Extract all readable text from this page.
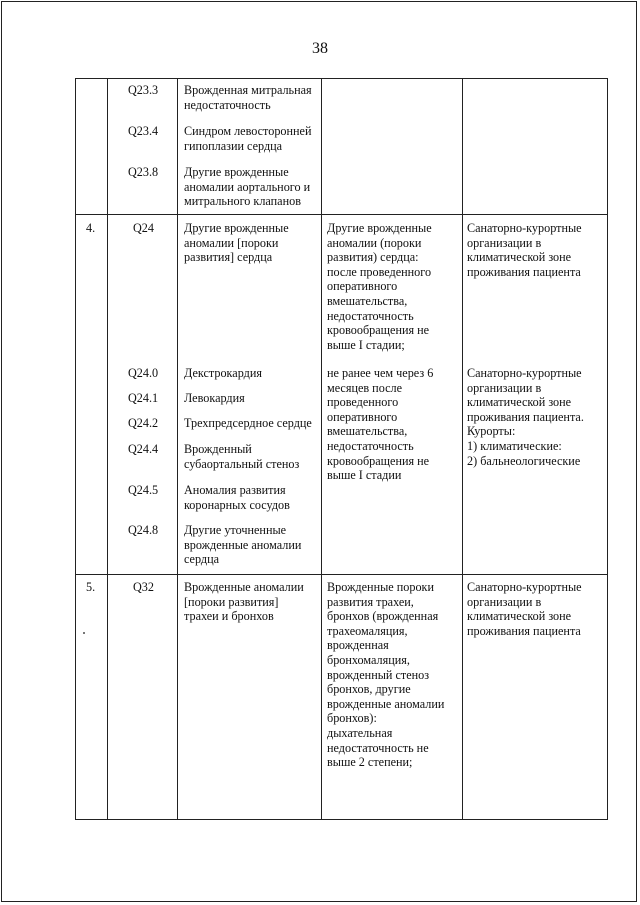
38
Q23.3 Врожденная митральная
недостаточность
Q23.4 Синдром левосторонней
гипоплазии сердца
Q23.8 Другие врожденные
аномалии аортального и
митрального клапанов
4.	Q24 Другие врожденные
аномалии [пороки
развития] сердца
Q24.0 Декстрокардия
Q24.1 Левокардия
Q24.2 Трехпредсердное сердце
Q24.4 Врожденный
субаортальный стеноз
Q24.5 Аномалия развития
коронарных сосудов
Q24.8 Другие уточненные
врожденные аномалии
сердца
Другие врожденные
аномалии (пороки
развития) сердца:
после проведенного
оперативного
вмешательства,
недостаточность
кровообращения не
выше I стадии;
не ранее чем через 6
месяцев после
проведенного
оперативного
вмешательства,
недостаточность
кровообращения не
выше I стадии
Санаторно-курортные
организации в
климатической зоне
проживания пациента
Санаторно-курортные
организации в
климатической зоне
проживания пациента.
Курорты:
1) климатические:
2) бальнеологические
5.	Q32 Врожденные аномалии
[пороки развития]
трахеи и бронхов
Врожденные пороки
развития трахеи,
бронхов (врожденная
трахеомаляция,
врожденная
бронхомаляция,
врожденный стеноз
бронхов, другие
врожденные аномалии
бронхов):
дыхательная
недостаточность не
выше 2 степени;
Санаторно-курортные
организации в
климатической зоне
проживания пациента
